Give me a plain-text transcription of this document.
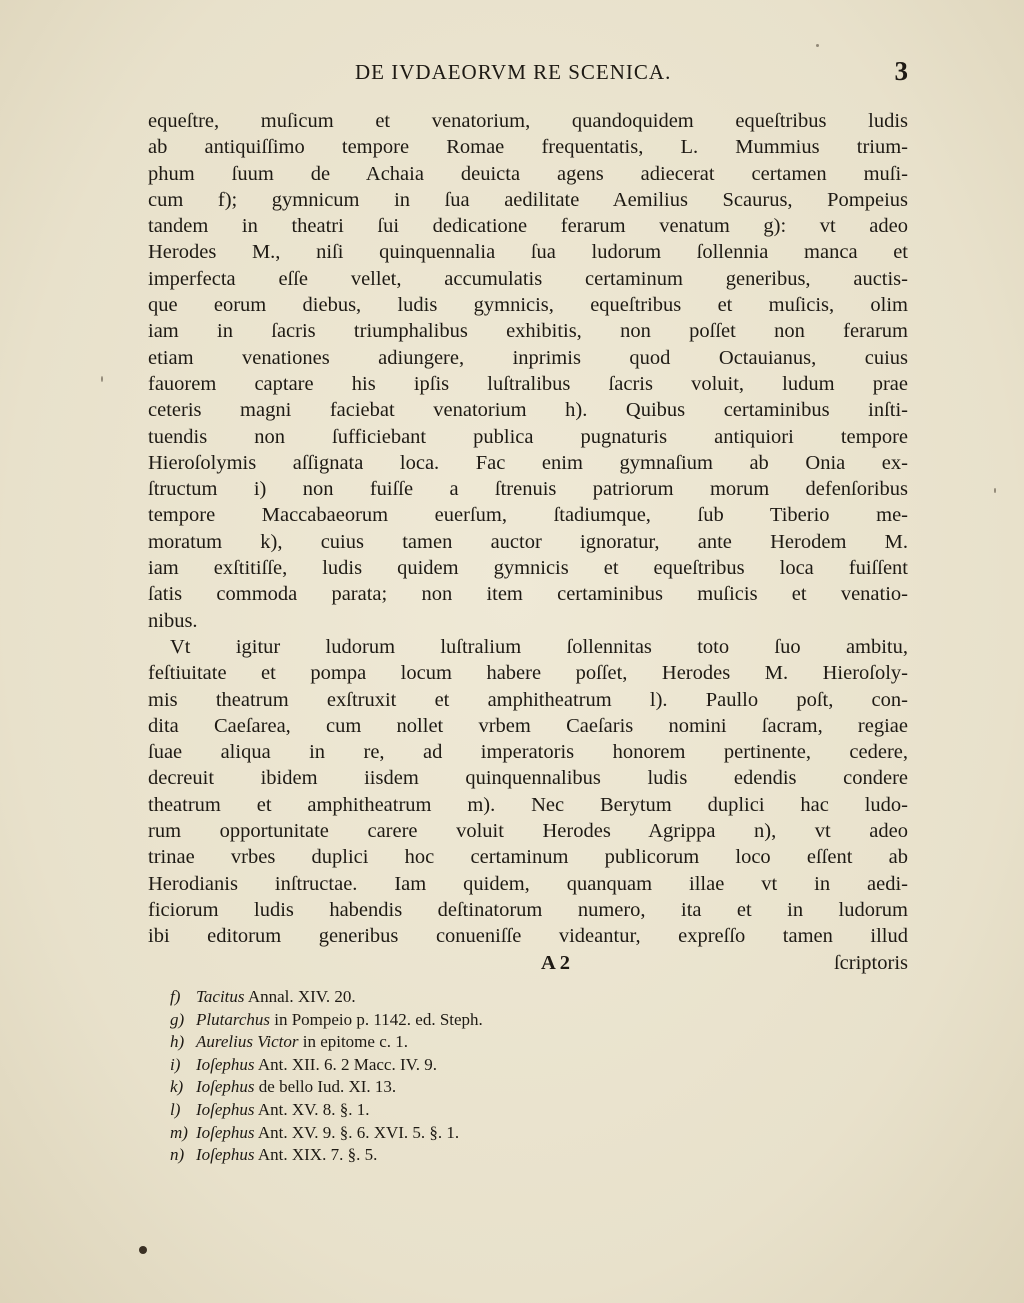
DE IVDAEORVM RE SCENICA.	3
equeſtre, muſicum et venatorium, quandoquidem equeſtribus ludis
ab antiquiſſimo tempore Romae frequentatis, L. Mummius trium-
phum ſuum de Achaia deuicta agens adiecerat certamen muſi-
cum f); gymnicum in ſua aedilitate Aemilius Scaurus, Pompeius
tandem in theatri ſui dedicatione ferarum venatum g): vt adeo
Herodes M., niſi quinquennalia ſua ludorum ſollennia manca et
imperfecta eſſe vellet, accumulatis certaminum generibus, auctis-
que eorum diebus, ludis gymnicis, equeſtribus et muſicis, olim
iam in ſacris triumphalibus exhibitis, non poſſet non ferarum
etiam venationes adiungere, inprimis quod Octauianus, cuius
fauorem captare his ipſis luſtralibus ſacris voluit, ludum prae
ceteris magni faciebat venatorium h). Quibus certaminibus inſti-
tuendis non ſufficiebant publica pugnaturis antiquiori tempore
Hieroſolymis aſſignata loca. Fac enim gymnaſium ab Onia ex-
ſtructum i) non fuiſſe a ſtrenuis patriorum morum defenſoribus
tempore Maccabaeorum euerſum, ſtadiumque, ſub Tiberio me-
moratum k), cuius tamen auctor ignoratur, ante Herodem M.
iam exſtitiſſe, ludis quidem gymnicis et equeſtribus loca fuiſſent
ſatis commoda parata; non item certaminibus muſicis et venatio-
nibus.
Vt igitur ludorum luſtralium ſollennitas toto ſuo ambitu,
feſtiuitate et pompa locum habere poſſet, Herodes M. Hieroſoly-
mis theatrum exſtruxit et amphitheatrum l). Paullo poſt, con-
dita Caeſarea, cum nollet vrbem Caeſaris nomini ſacram, regiae
ſuae aliqua in re, ad imperatoris honorem pertinente, cedere,
decreuit ibidem iisdem quinquennalibus ludis edendis condere
theatrum et amphitheatrum m). Nec Berytum duplici hac ludo-
rum opportunitate carere voluit Herodes Agrippa n), vt adeo
trinae vrbes duplici hoc certaminum publicorum loco eſſent ab
Herodianis inſtructae. Iam quidem, quanquam illae vt in aedi-
ficiorum ludis habendis deſtinatorum numero, ita et in ludorum
ibi editorum generibus conueniſſe videantur, expreſſo tamen illud
A 2	ſcriptoris
f) Tacitus Annal. XIV. 20.
g) Plutarchus in Pompeio p. 1142. ed. Steph.
h) Aurelius Victor in epitome c. 1.
i) Ioſephus Ant. XII. 6. 2 Macc. IV. 9.
k) Ioſephus de bello Iud. XI. 13.
l) Ioſephus Ant. XV. 8. §. 1.
m) Ioſephus Ant. XV. 9. §. 6. XVI. 5. §. 1.
n) Ioſephus Ant. XIX. 7. §. 5.
